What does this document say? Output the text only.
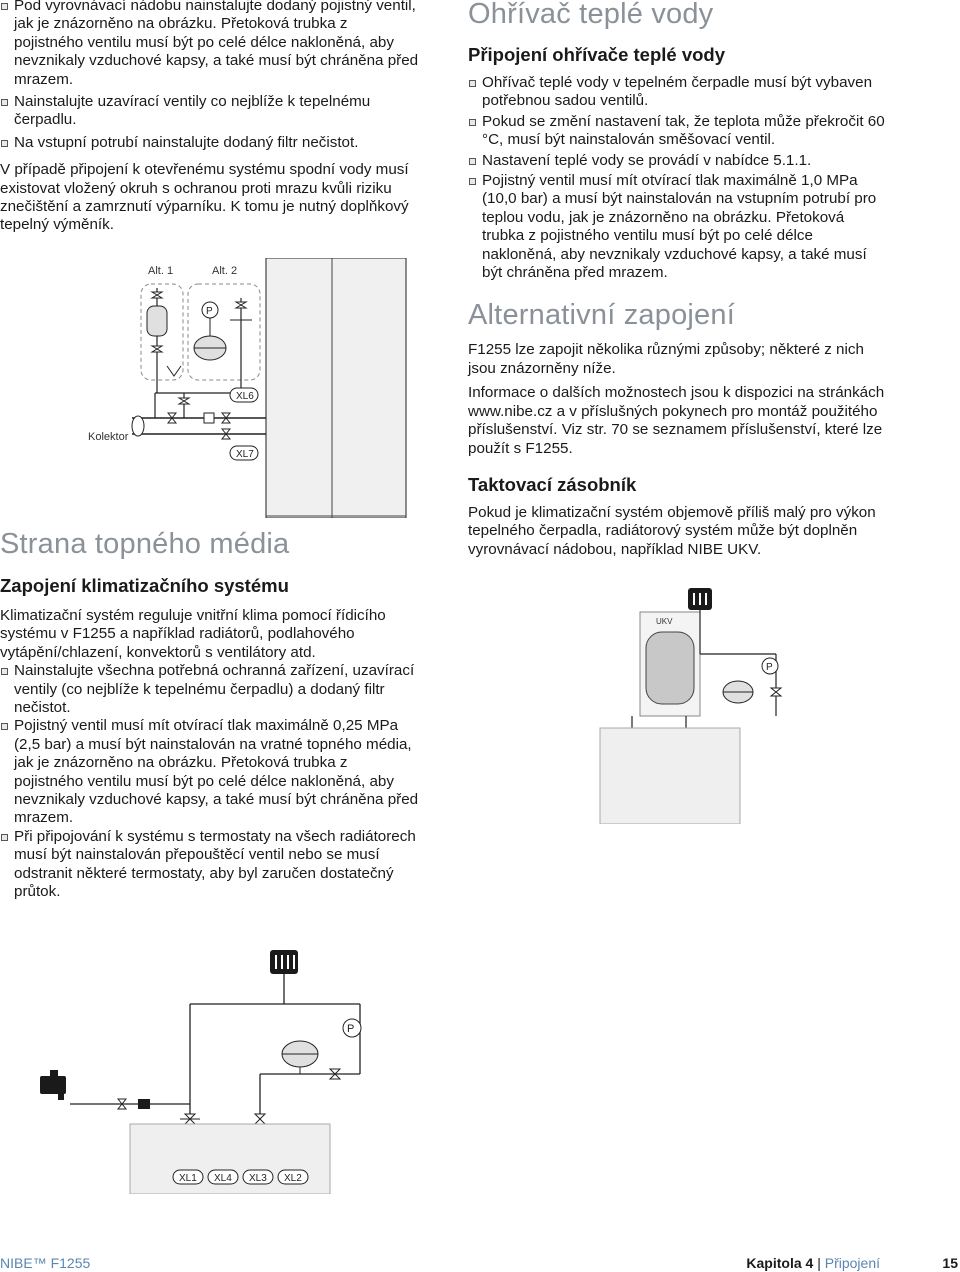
Pod vyrovnávací nádobu nainstalujte dodaný pojistný ventil, jak je znázorněno na obrázku. Přetoková trubka z pojistného ventilu musí být po celé délce nakloněná, aby nevznikaly vzduchové kapsy, a také musí být chráněna před mrazem.
Nainstalujte uzavírací ventily co nejblíže k tepelnému čerpadlu.
Na vstupní potrubí nainstalujte dodaný filtr nečistot.

V případě připojení k otevřenému systému spodní vody musí existovat vložený okruh s ochranou proti mrazu kvůli riziku znečištění a zamrznutí výparníku. K tomu je nutný doplňkový tepelný výměník.

Alt. 1	Alt. 2
P
Kolektor
XL6
XL7
Strana topného média
Zapojení klimatizačního systému

Klimatizační systém reguluje vnitřní klima pomocí řídicího systému v F1255 a například radiátorů, podlahového vytápění/chlazení, konvektorů s ventilátory atd.

Nainstalujte všechna potřebná ochranná zařízení, uzavírací ventily (co nejblíže k tepelnému čerpadlu) a dodaný filtr nečistot.
Pojistný ventil musí mít otvírací tlak maximálně 0,25 MPa (2,5 bar) a musí být nainstalován na vratné topného média, jak je znázorněno na obrázku. Přetoková trubka z pojistného ventilu musí být po celé délce nakloněná, aby nevznikaly vzduchové kapsy, a také musí být chráněna před mrazem.
Při připojování k systému s termostaty na všech radiátorech musí být nainstalován přepouštěcí ventil nebo se musí odstranit některé termostaty, aby byl zaručen dostatečný průtok.
P
XL1 XL4 XL3 XL2
Ohřívač teplé vody
Připojení ohřívače teplé vody
Ohřívač teplé vody v tepelném čerpadle musí být vybaven potřebnou sadou ventilů.
Pokud se změní nastavení tak, že teplota může překročit 60 °C, musí být nainstalován směšovací ventil.
Nastavení teplé vody se provádí v nabídce 5.1.1.
Pojistný ventil musí mít otvírací tlak maximálně 1,0 MPa (10,0 bar) a musí být nainstalován na vstupním potrubí pro teplou vodu, jak je znázorněno na obrázku. Přetoková trubka z pojistného ventilu musí být po celé délce nakloněná, aby nevznikaly vzduchové kapsy, a také musí být chráněna před mrazem.
Alternativní zapojení

F1255 lze zapojit několika různými způsoby; některé z nich jsou znázorněny níže.

Informace o dalších možnostech jsou k dispozici na stránkách www.nibe.cz a v příslušných pokynech pro montáž použitého příslušenství. Viz str. 70 se seznamem příslušenství, které lze použít s F1255.

Taktovací zásobník

Pokud je klimatizační systém objemově příliš malý pro výkon tepelného čerpadla, radiátorový systém může být doplněn vyrovnávací nádobou, například NIBE UKV.

UKV
P
NIBE™ F1255	Kapitola 4 | Připojení	15
